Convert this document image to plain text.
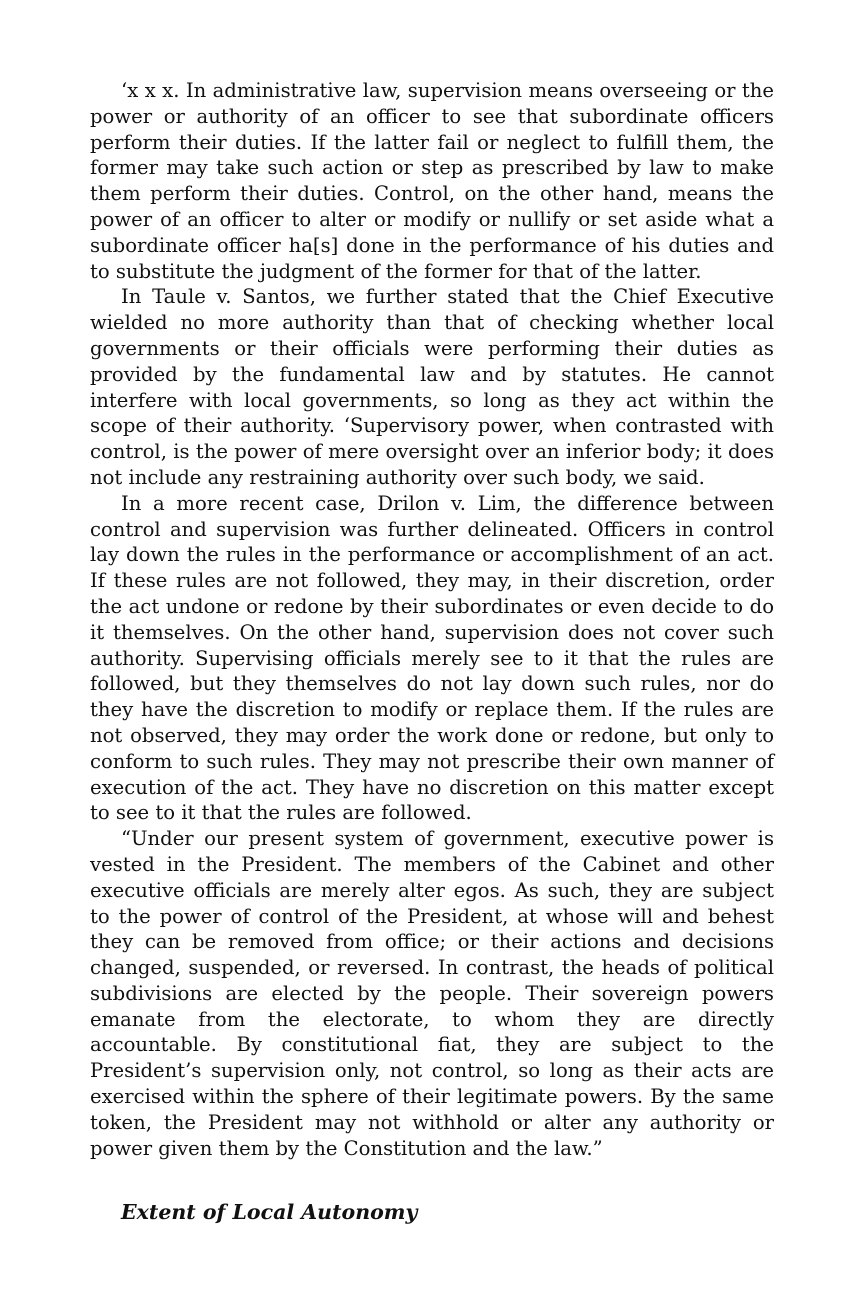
‘x x x. In administrative law, supervision means overseeing or the power or authority of an officer to see that subordinate officers perform their duties. If the latter fail or neglect to fulfill them, the former may take such action or step as prescribed by law to make them perform their duties. Control, on the other hand, means the power of an officer to alter or modify or nullify or set aside what a subordinate officer ha[s] done in the performance of his duties and to substitute the judgment of the former for that of the latter.

In Taule v. Santos, we further stated that the Chief Executive wielded no more authority than that of checking whether local governments or their officials were performing their duties as provided by the fundamental law and by statutes. He cannot interfere with local governments, so long as they act within the scope of their authority. ‘Supervisory power, when contrasted with control, is the power of mere oversight over an inferior body; it does not include any restraining authority over such body, we said.

In a more recent case, Drilon v. Lim, the difference between control and supervision was further delineated. Officers in control lay down the rules in the performance or accomplishment of an act. If these rules are not followed, they may, in their discretion, order the act undone or redone by their subordinates or even decide to do it themselves. On the other hand, supervision does not cover such authority. Supervising officials merely see to it that the rules are followed, but they themselves do not lay down such rules, nor do they have the discretion to modify or replace them. If the rules are not observed, they may order the work done or redone, but only to conform to such rules. They may not prescribe their own manner of execution of the act. They have no discretion on this matter except to see to it that the rules are followed.

“Under our present system of government, executive power is vested in the President. The members of the Cabinet and other executive officials are merely alter egos. As such, they are subject to the power of control of the President, at whose will and behest they can be removed from office; or their actions and decisions changed, suspended, or reversed. In contrast, the heads of political subdivisions are elected by the people. Their sovereign powers emanate from the electorate, to whom they are directly accountable. By constitutional fiat, they are subject to the President’s supervision only, not control, so long as their acts are exercised within the sphere of their legitimate powers. By the same token, the President may not withhold or alter any authority or power given them by the Constitution and the law.”

Extent of Local Autonomy
